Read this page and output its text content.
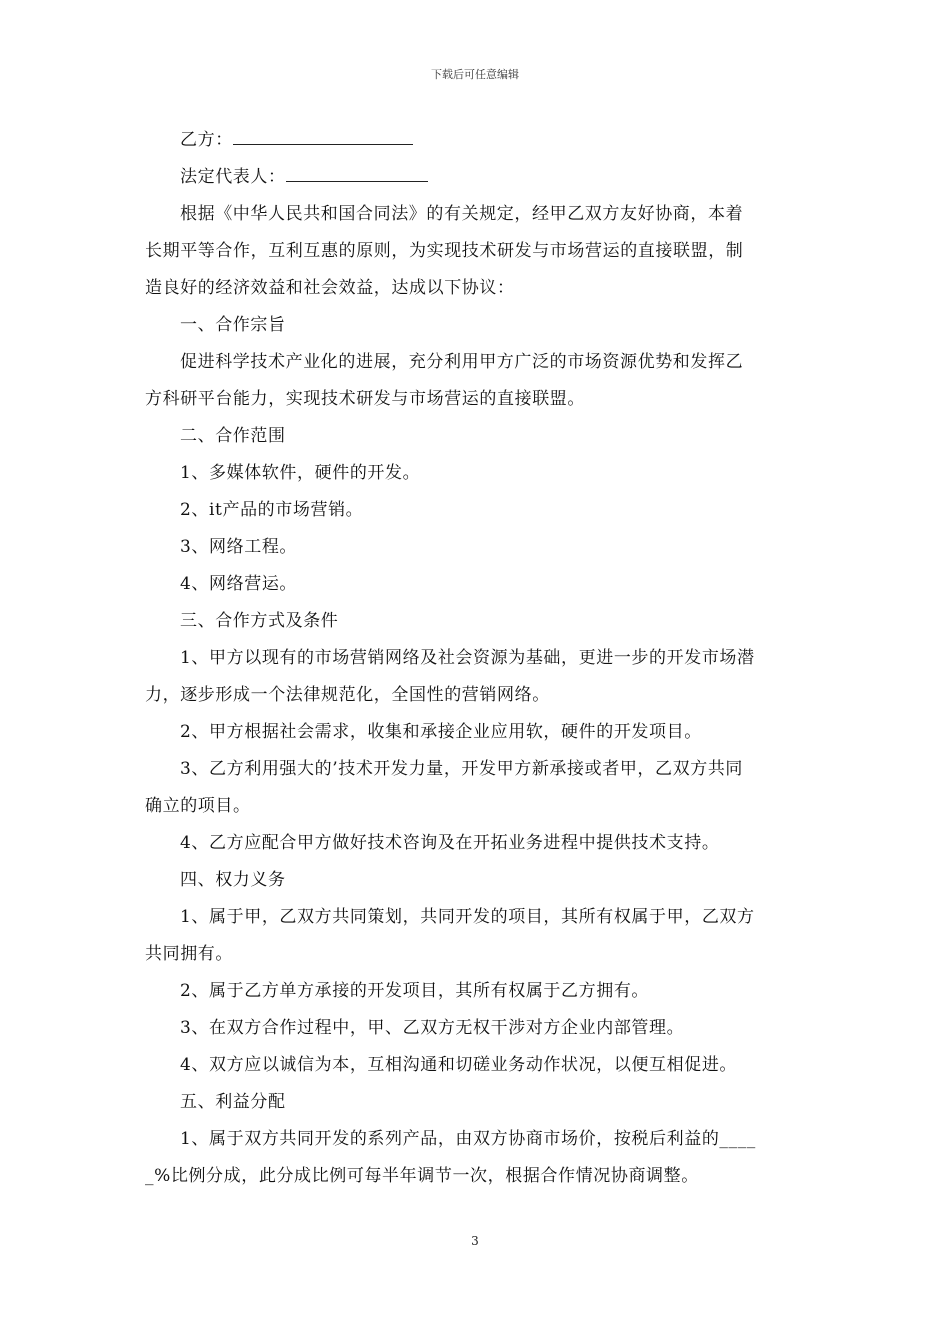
下载后可任意编辑
乙方：
法定代表人：
根据《中华人民共和国合同法》的有关规定，经甲乙双方友好协商，本着
长期平等合作，互利互惠的原则，为实现技术研发与市场营运的直接联盟，制
造良好的经济效益和社会效益，达成以下协议：
一、合作宗旨
促进科学技术产业化的进展，充分利用甲方广泛的市场资源优势和发挥乙
方科研平台能力，实现技术研发与市场营运的直接联盟。
二、合作范围
1、多媒体软件，硬件的开发。
2、it产品的市场营销。
3、网络工程。
4、网络营运。
三、合作方式及条件
1、甲方以现有的市场营销网络及社会资源为基础，更进一步的开发市场潜
力，逐步形成一个法律规范化，全国性的营销网络。
2、甲方根据社会需求，收集和承接企业应用软，硬件的开发项目。
3、乙方利用强大的’技术开发力量，开发甲方新承接或者甲，乙双方共同
确立的项目。
4、乙方应配合甲方做好技术咨询及在开拓业务进程中提供技术支持。
四、权力义务
1、属于甲，乙双方共同策划，共同开发的项目，其所有权属于甲，乙双方
共同拥有。
2、属于乙方单方承接的开发项目，其所有权属于乙方拥有。
3、在双方合作过程中，甲、乙双方无权干涉对方企业内部管理。
4、双方应以诚信为本，互相沟通和切磋业务动作状况，以便互相促进。
五、利益分配
1、属于双方共同开发的系列产品，由双方协商市场价，按税后利益的____
_%比例分成，此分成比例可每半年调节一次，根据合作情况协商调整。
3
